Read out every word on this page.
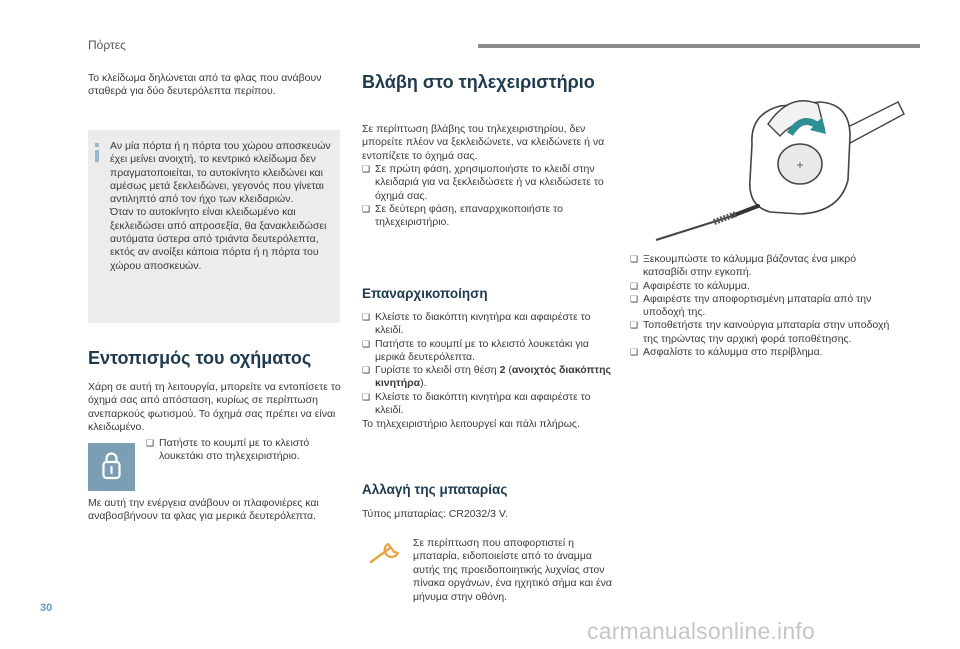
Πόρτες

Το κλείδωμα δηλώνεται από τα φλας που ανάβουν σταθερά για δύο δευτερόλεπτα περίπου.

Αν μία πόρτα ή η πόρτα του χώρου αποσκευών
έχει μείνει ανοιχτή, το κεντρικό κλείδωμα δεν
πραγματοποιείται, το αυτοκίνητο κλειδώνει και
αμέσως μετά ξεκλειδώνει, γεγονός που γίνεται
αντιληπτό από τον ήχο των κλειδαριών.
Όταν το αυτοκίνητο είναι κλειδωμένο και
ξεκλειδώσει από απροσεξία, θα ξανακλειδώσει
αυτόματα ύστερα από τριάντα δευτερόλεπτα,
εκτός αν ανοίξει κάποια πόρτα ή η πόρτα του
χώρου αποσκευών.
Εντοπισμός του οχήματος

Χάρη σε αυτή τη λειτουργία, μπορείτε να εντοπίσετε το όχημά σας από απόσταση, κυρίως σε περίπτωση ανεπαρκούς φωτισμού. Το όχημά σας πρέπει να είναι κλειδωμένο.

❑ Πατήστε το κουμπί με το κλειστό λουκετάκι στο τηλεχειριστήριο.

Με αυτή την ενέργεια ανάβουν οι πλαφονιέρες και αναβοσβήνουν τα φλας για μερικά δευτερόλεπτα.

Βλάβη στο τηλεχειριστήριο

Σε περίπτωση βλάβης του τηλεχειριστηρίου, δεν μπορείτε πλέον να ξεκλειδώνετε, να κλειδώνετε ή να εντοπίζετε το όχημά σας.

❑ Σε πρώτη φάση, χρησιμοποιήστε το κλειδί στην κλειδαριά για να ξεκλειδώσετε ή να κλειδώσετε το όχημά σας.
❑ Σε δεύτερη φάση, επαναρχικοποιήστε το τηλεχειριστήριο.
Επαναρχικοποίηση
❑ Κλείστε το διακόπτη κινητήρα και αφαιρέστε το κλειδί.
❑ Πατήστε το κουμπί με το κλειστό λουκετάκι για μερικά δευτερόλεπτα.
❑ Γυρίστε το κλειδί στη θέση 2 (ανοιχτός διακόπτης κινητήρα).
❑ Κλείστε το διακόπτη κινητήρα και αφαιρέστε το κλειδί.

Το τηλεχειριστήριο λειτουργεί και πάλι πλήρως.

Αλλαγή της μπαταρίας

Τύπος μπαταρίας: CR2032/3 V.

Σε περίπτωση που αποφορτιστεί η μπαταρία, ειδοποιείστε από το άναμμα αυτής της προειδοποιητικής λυχνίας στον πίνακα οργάνων, ένα ηχητικό σήμα και ένα μήνυμα στην οθόνη.

+
❑ Ξεκουμπώστε το κάλυμμα βάζοντας ένα μικρό κατσαβίδι στην εγκοπή.
❑ Αφαιρέστε το κάλυμμα.
❑ Αφαιρέστε την αποφορτισμένη μπαταρία από την υποδοχή της.
❑ Τοποθετήστε την καινούργια μπαταρία στην υποδοχή της τηρώντας την αρχική φορά τοποθέτησης.
❑ Ασφαλίστε το κάλυμμα στο περίβλημα.
30
carmanualsonline.info
